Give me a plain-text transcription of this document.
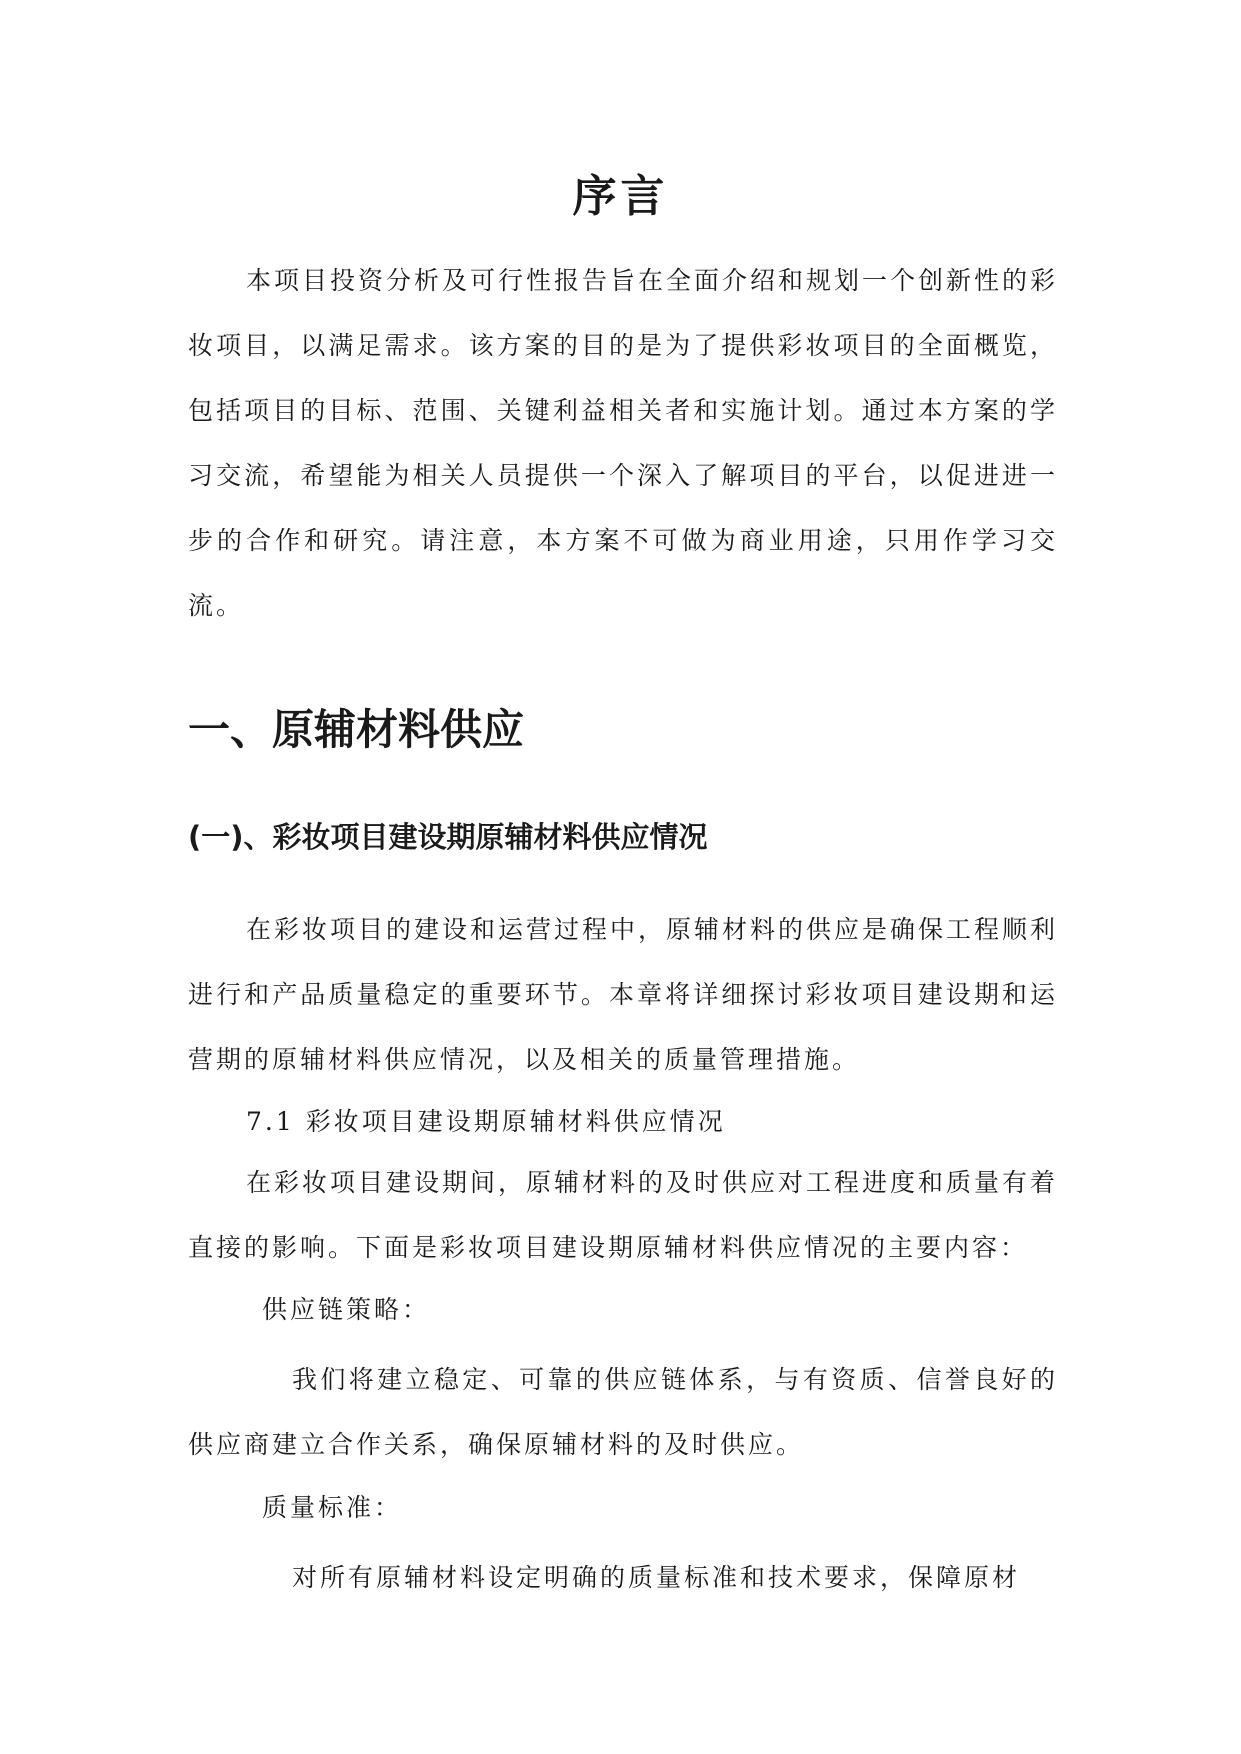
序言
本项目投资分析及可行性报告旨在全面介绍和规划一个创新性的彩妆项目，以满足需求。该方案的目的是为了提供彩妆项目的全面概览，包括项目的目标、范围、关键利益相关者和实施计划。通过本方案的学习交流，希望能为相关人员提供一个深入了解项目的平台，以促进进一步的合作和研究。请注意，本方案不可做为商业用途，只用作学习交流。
一、原辅材料供应
(一)、彩妆项目建设期原辅材料供应情况
在彩妆项目的建设和运营过程中，原辅材料的供应是确保工程顺利进行和产品质量稳定的重要环节。本章将详细探讨彩妆项目建设期和运营期的原辅材料供应情况，以及相关的质量管理措施。
7.1 彩妆项目建设期原辅材料供应情况
在彩妆项目建设期间，原辅材料的及时供应对工程进度和质量有着直接的影响。下面是彩妆项目建设期原辅材料供应情况的主要内容：
供应链策略：
我们将建立稳定、可靠的供应链体系，与有资质、信誉良好的供应商建立合作关系，确保原辅材料的及时供应。
质量标准：
对所有原辅材料设定明确的质量标准和技术要求，保障原材
